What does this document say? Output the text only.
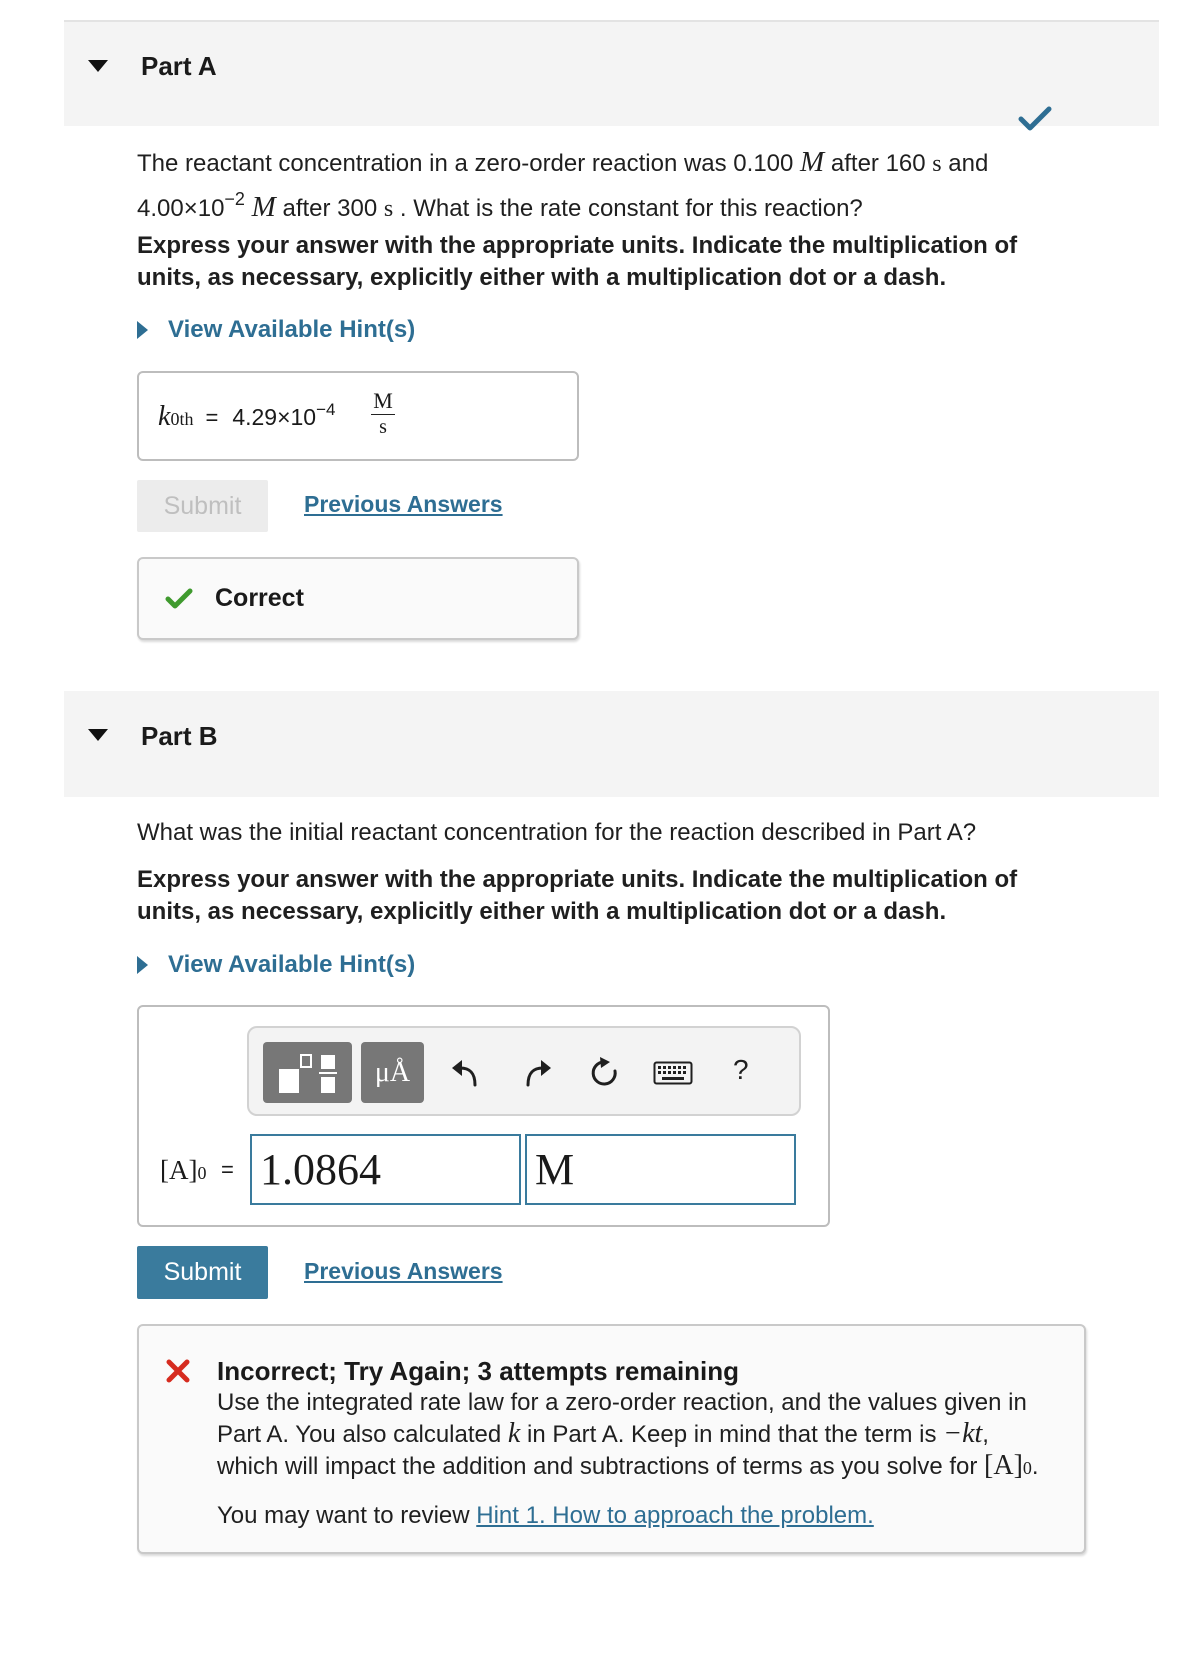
Part A
The reactant concentration in a zero-order reaction was 0.100 M after 160 s and
$4.00\times 10^{-2}$ M after 300 s . What is the rate constant for this reaction?
Express your answer with the appropriate units. Indicate the multiplication of
units, as necessary, explicitly either with a multiplication dot or a dash.
View Available Hint(s)
k 0th = 4.29×10 −4 M
s
Submit	Previous Answers
Correct
Part B
What was the initial reactant concentration for the reaction described in Part A?
Express your answer with the appropriate units. Indicate the multiplication of
units, as necessary, explicitly either with a multiplication dot or a dash.
View Available Hint(s)
μÅ	?
[A] 0 = 1.0864	M
Submit	Previous Answers
Incorrect; Try Again; 3 attempts remaining
Use the integrated rate law for a zero-order reaction, and the values given in
Part A. You also calculated k in Part A. Keep in mind that the term is −kt,
which will impact the addition and subtractions of terms as you solve for [A]0.
You may want to review Hint 1. How to approach the problem.
